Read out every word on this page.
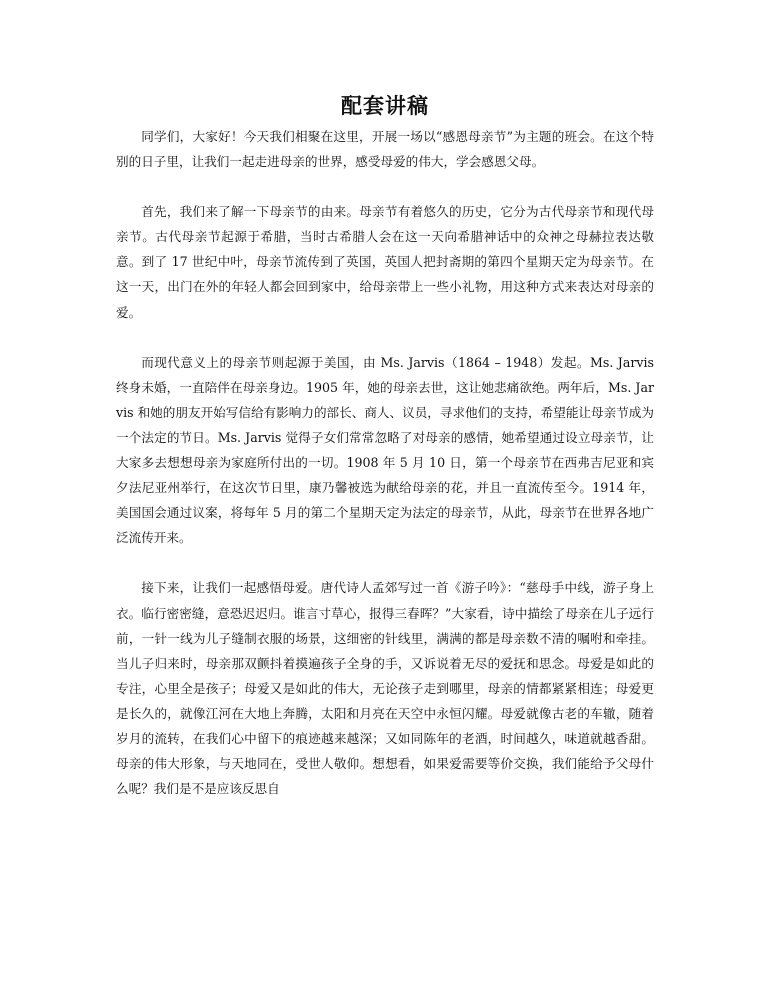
配套讲稿

同学们，大家好！今天我们相聚在这里，开展一场以“感恩母亲节”为主题的班会。在这个特别的日子里，让我们一起走进母亲的世界，感受母爱的伟大，学会感恩父母。

首先，我们来了解一下母亲节的由来。母亲节有着悠久的历史，它分为古代母亲节和现代母亲节。古代母亲节起源于希腊，当时古希腊人会在这一天向希腊神话中的众神之母赫拉表达敬意。到了 17 世纪中叶，母亲节流传到了英国，英国人把封斋期的第四个星期天定为母亲节。在这一天，出门在外的年轻人都会回到家中，给母亲带上一些小礼物，用这种方式来表达对母亲的爱。

而现代意义上的母亲节则起源于美国，由 Ms. Jarvis（1864 – 1948）发起。Ms. Jarvis 终身未婚，一直陪伴在母亲身边。1905 年，她的母亲去世，这让她悲痛欲绝。两年后，Ms. Jarvis 和她的朋友开始写信给有影响力的部长、商人、议员，寻求他们的支持，希望能让母亲节成为一个法定的节日。Ms. Jarvis 觉得子女们常常忽略了对母亲的感情，她希望通过设立母亲节，让大家多去想想母亲为家庭所付出的一切。1908 年 5 月 10 日，第一个母亲节在西弗吉尼亚和宾夕法尼亚州举行，在这次节日里，康乃馨被选为献给母亲的花，并且一直流传至今。1914 年，美国国会通过议案，将每年 5 月的第二个星期天定为法定的母亲节，从此，母亲节在世界各地广泛流传开来。

接下来，让我们一起感悟母爱。唐代诗人孟郊写过一首《游子吟》：“慈母手中线，游子身上衣。临行密密缝，意恐迟迟归。谁言寸草心，报得三春晖？”大家看，诗中描绘了母亲在儿子远行前，一针一线为儿子缝制衣服的场景，这细密的针线里，满满的都是母亲数不清的嘱咐和牵挂。当儿子归来时，母亲那双颤抖着摸遍孩子全身的手，又诉说着无尽的爱抚和思念。母爱是如此的专注，心里全是孩子；母爱又是如此的伟大，无论孩子走到哪里，母亲的情都紧紧相连；母爱更是长久的，就像江河在大地上奔腾，太阳和月亮在天空中永恒闪耀。母爱就像古老的车辙，随着岁月的流转，在我们心中留下的痕迹越来越深；又如同陈年的老酒，时间越久，味道就越香甜。母亲的伟大形象，与天地同在，受世人敬仰。想想看，如果爱需要等价交换，我们能给予父母什么呢？我们是不是应该反思自
